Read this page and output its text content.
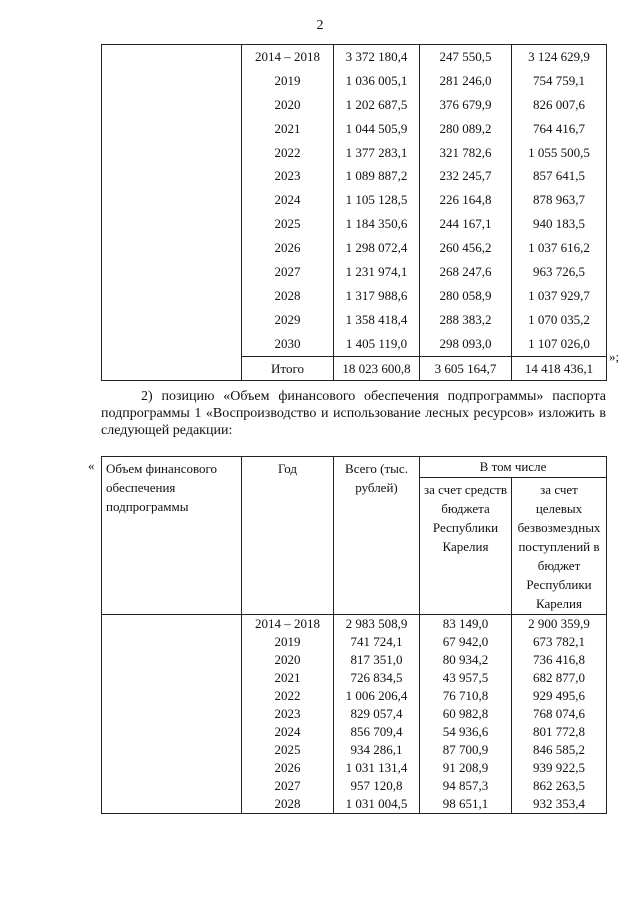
2
	2014 – 2018	3 372 180,4	247 550,5	3 124 629,9
	2019	1 036 005,1	281 246,0	754 759,1
	2020	1 202 687,5	376 679,9	826 007,6
	2021	1 044 505,9	280 089,2	764 416,7
	2022	1 377 283,1	321 782,6	1 055 500,5
	2023	1 089 887,2	232 245,7	857 641,5
	2024	1 105 128,5	226 164,8	878 963,7
	2025	1 184 350,6	244 167,1	940 183,5
	2026	1 298 072,4	260 456,2	1 037 616,2
	2027	1 231 974,1	268 247,6	963 726,5
	2028	1 317 988,6	280 058,9	1 037 929,7
	2029	1 358 418,4	288 383,2	1 070 035,2
	2030	1 405 119,0	298 093,0	1 107 026,0
	Итого	18 023 600,8	3 605 164,7	14 418 436,1
»;
2) позицию «Объем финансового обеспечения подпрограммы» паспорта подпрограммы 1 «Воспроизводство и использование лесных ресурсов» изложить в следующей редакции:
« Объем финансового обеспечения подпрограммы	Год	Всего (тыс. рублей)	В том числе	
			за счет средств бюджета Республики Карелия	за счет целевых безвозмездных поступлений в бюджет Республики Карелия
	2014 – 2018	2 983 508,9	83 149,0	2 900 359,9
	2019	741 724,1	67 942,0	673 782,1
	2020	817 351,0	80 934,2	736 416,8
	2021	726 834,5	43 957,5	682 877,0
	2022	1 006 206,4	76 710,8	929 495,6
	2023	829 057,4	60 982,8	768 074,6
	2024	856 709,4	54 936,6	801 772,8
	2025	934 286,1	87 700,9	846 585,2
	2026	1 031 131,4	91 208,9	939 922,5
	2027	957 120,8	94 857,3	862 263,5
	2028	1 031 004,5	98 651,1	932 353,4
